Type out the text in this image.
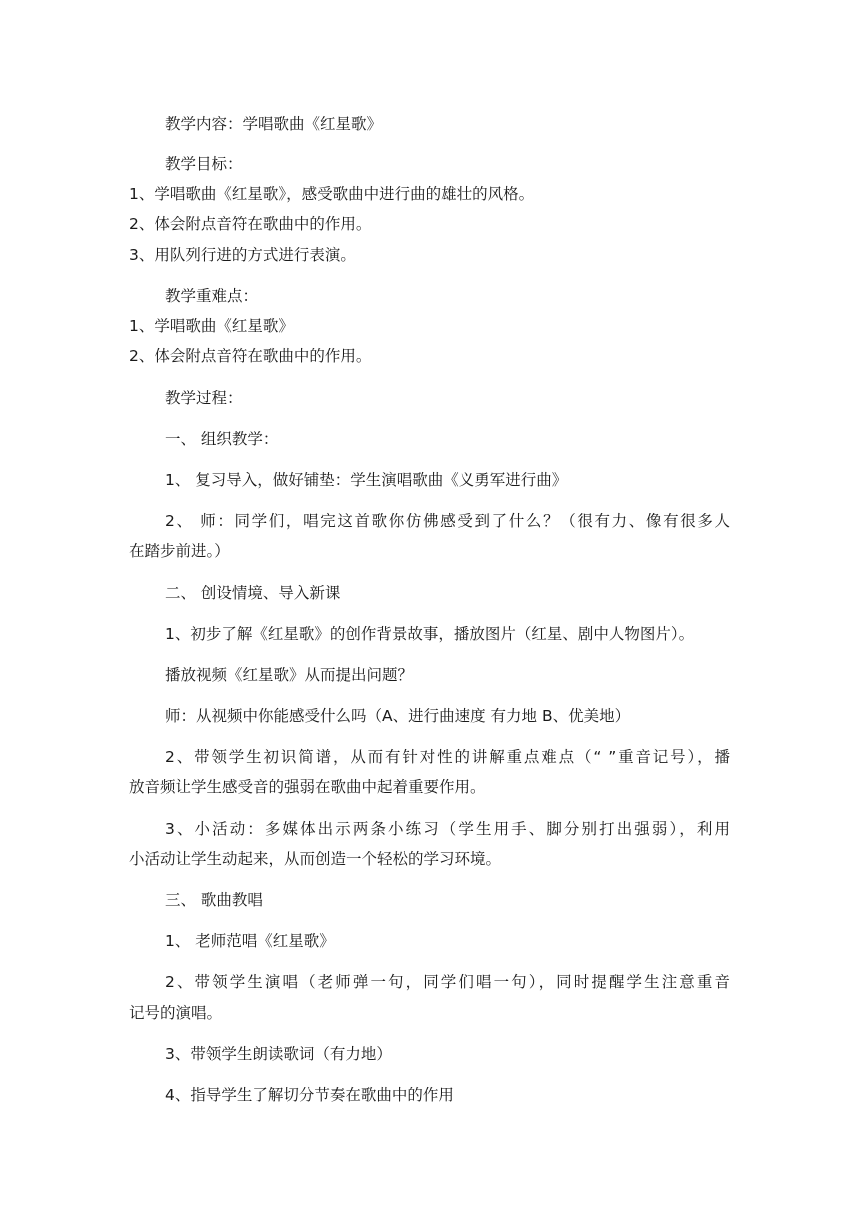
教学内容：学唱歌曲《红星歌》
教学目标：
1、学唱歌曲《红星歌》，感受歌曲中进行曲的雄壮的风格。
2、体会附点音符在歌曲中的作用。
3、用队列行进的方式进行表演。
教学重难点：
1、学唱歌曲《红星歌》
2、体会附点音符在歌曲中的作用。
教学过程：
一、 组织教学：
1、 复习导入，做好铺垫：学生演唱歌曲《义勇军进行曲》
2、 师：同学们，唱完这首歌你仿佛感受到了什么？（很有力、像有很多人
在踏步前进。）
二、 创设情境、导入新课
1、初步了解《红星歌》的创作背景故事，播放图片（红星、剧中人物图片）。
播放视频《红星歌》从而提出问题？
师：从视频中你能感受什么吗（A、进行曲速度 有力地 B、优美地）
2、带领学生初识简谱，从而有针对性的讲解重点难点（“ ”重音记号），播
放音频让学生感受音的强弱在歌曲中起着重要作用。
3、小活动：多媒体出示两条小练习（学生用手、脚分别打出强弱），利用
小活动让学生动起来，从而创造一个轻松的学习环境。
三、 歌曲教唱
1、 老师范唱《红星歌》
2、带领学生演唱（老师弹一句，同学们唱一句），同时提醒学生注意重音
记号的演唱。
3、带领学生朗读歌词（有力地）
4、指导学生了解切分节奏在歌曲中的作用
